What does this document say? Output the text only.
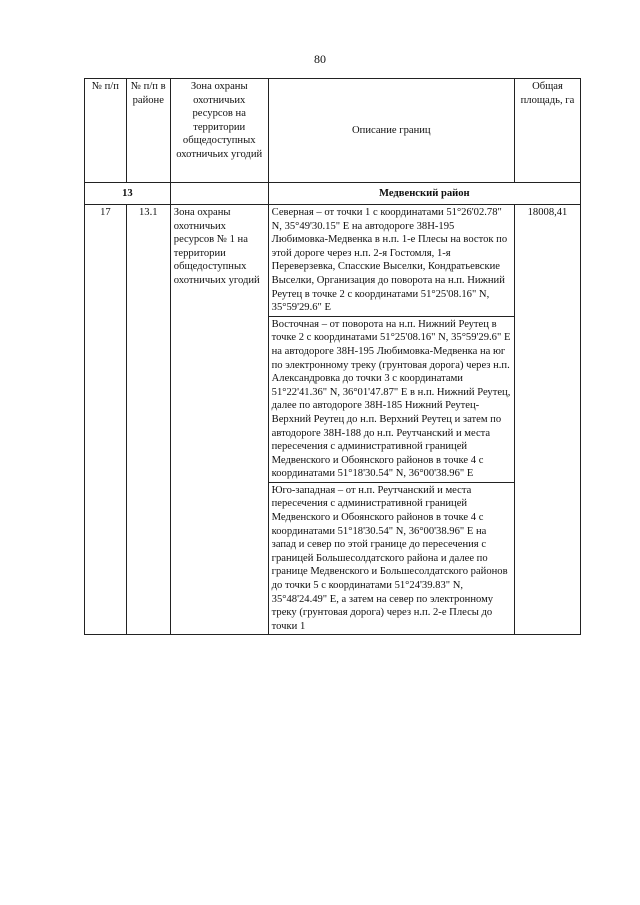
80
№ п/п	№ п/п в районе	Зона охраны охотничьих ресурсов на территории общедоступных охотничьих угодий	Описание границ	Общая площадь, га
13			Медвенский район	
17	13.1	Зона охраны охотничьих ресурсов № 1 на территории общедоступных охотничьих угодий	Северная – от точки 1 с координатами 51°26'02.78" N, 35°49'30.15" E на автодороге 38Н-195 Любимовка-Медвенка в н.п. 1-е Плесы на восток по этой дороге через н.п. 2-я Гостомля, 1-я Переверзевка, Спасские Выселки, Кондратьевские Выселки, Организация до поворота на н.п. Нижний Реутец в точке 2 с координатами 51°25'08.16" N, 35°59'29.6" E	18008,41
			Восточная – от поворота на н.п. Нижний Реутец в точке 2 с координатами 51°25'08.16" N, 35°59'29.6" E на автодороге 38Н-195 Любимовка-Медвенка на юг по электронному треку (грунтовая дорога) через н.п. Александровка до точки 3 с координатами 51°22'41.36" N, 36°01'47.87" E в н.п. Нижний Реутец, далее по автодороге 38Н-185 Нижний Реутец-Верхний Реутец до н.п. Верхний Реутец и затем по автодороге 38Н-188 до н.п. Реутчанский и места пересечения с административной границей Медвенского и Обоянского районов в точке 4 с координатами 51°18'30.54" N, 36°00'38.96" E	
			Юго-западная – от н.п. Реутчанский и места пересечения с административной границей Медвенского и Обоянского районов в точке 4 с координатами 51°18'30.54" N, 36°00'38.96" E на запад и север по этой границе до пересечения с границей Большесолдатского района и далее по границе Медвенского и Большесолдатского районов до точки 5 с координатами 51°24'39.83" N, 35°48'24.49" E, а затем на север по электронному треку (грунтовая дорога) через н.п. 2-е Плесы до точки 1	
